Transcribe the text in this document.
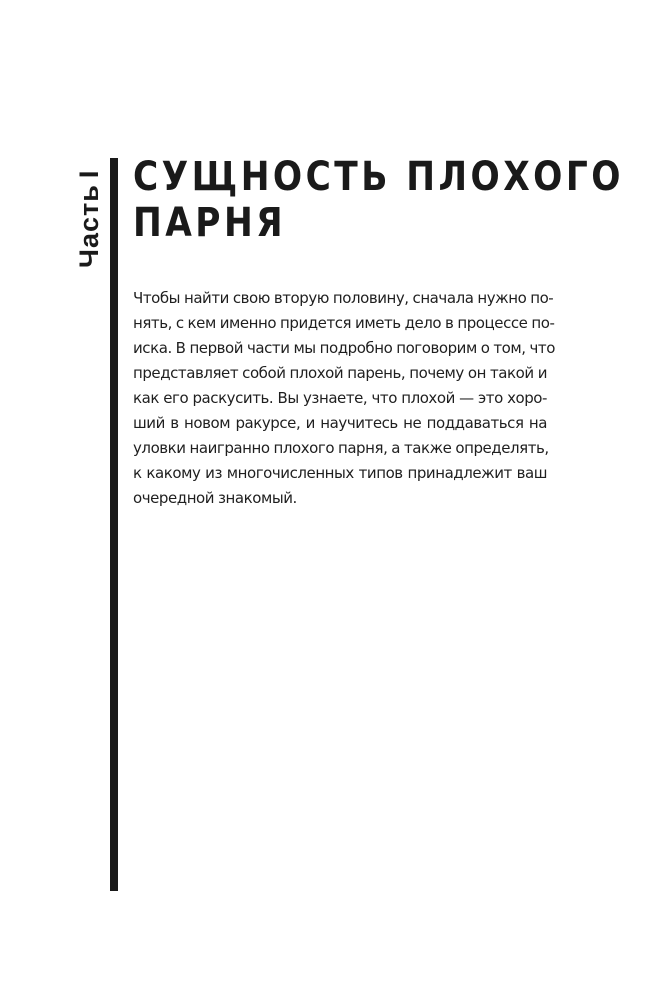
ЧастьI СУЩНОСТЬ ПЛОХОГО
ПАРНЯ

Чтобы найти свою вторую половину, сначала нужно по-
нять, с кем именно придется иметь дело в процессе по-
иска. В первой части мы подробно поговорим о том, что
представляет собой плохой парень, почему он такой и
как его раскусить. Вы узнаете, что плохой — это хоро-
ший в новом ракурсе, и научитесь не поддаваться на
уловки наигранно плохого парня, а также определять,
к какому из многочисленных типов принадлежит ваш
очередной знакомый.
